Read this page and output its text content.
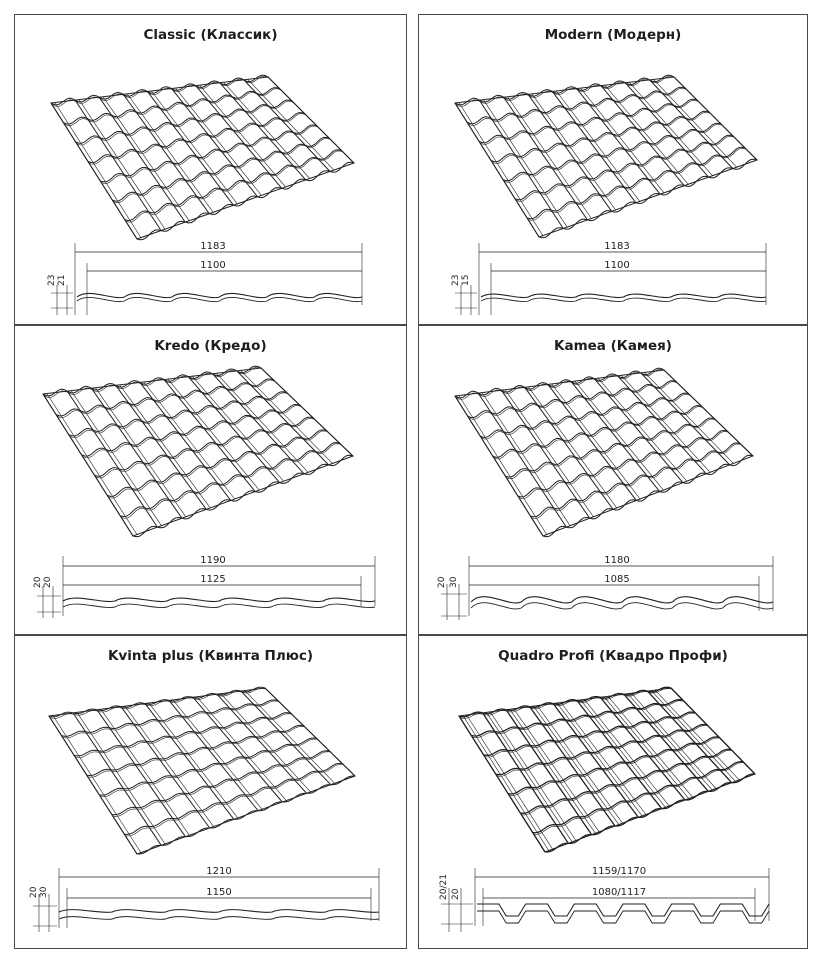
Classic (Классик)
1183
1100
23 21
Modern (Модерн)
1183
1100
23 15
Kredo (Кредо)
1190
1125
20 20
Kamea (Камея)
1180
1085
20 30
Kvinta plus (Квинта Плюс)
1210
1150
20 30
Quadro Profi (Квадро Профи)
1159/1170
1080/1117
20/21 20
